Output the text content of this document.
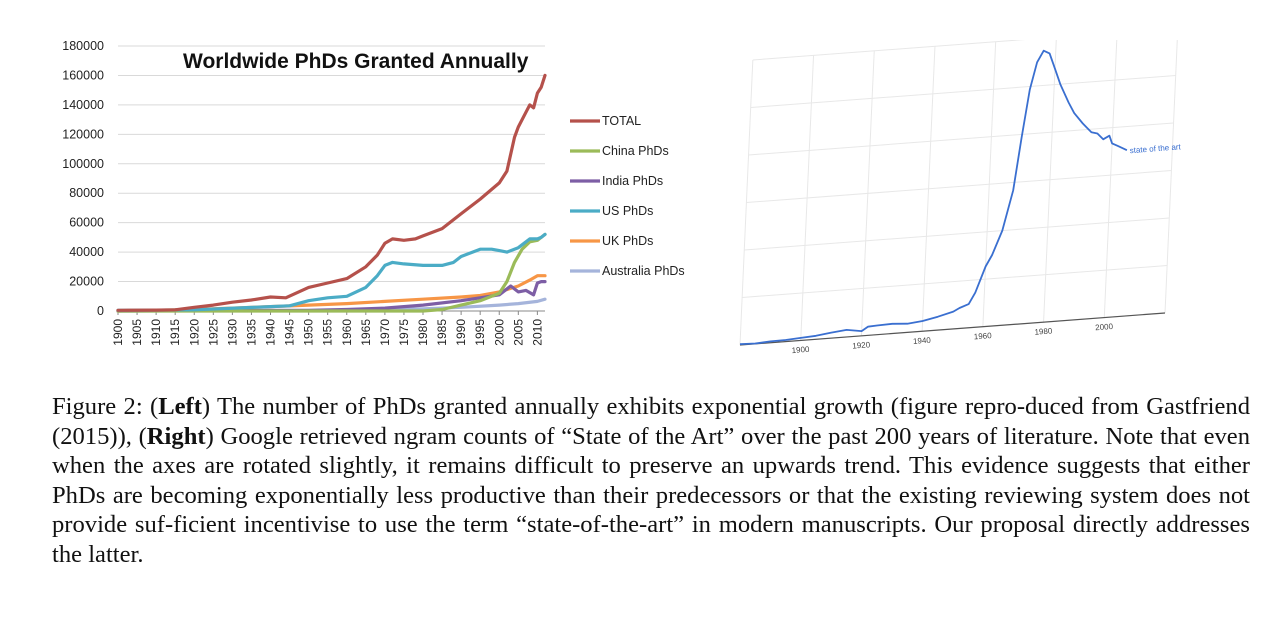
0
20000
40000
60000
80000
100000
120000
140000
160000
180000
1900 1905 1910 1915 1920 1925 1930 1935 1940 1945 1950 1955 1960 1965 1970 1975 1980 1985 1990 1995 2000 2005 2010
Worldwide PhDs Granted Annually
TOTAL
China PhDs
India PhDs
US PhDs
UK PhDs
Australia PhDs
1900	1920	1940	1960	1980	2000
state of the art

Figure 2: (Left) The number of PhDs granted annually exhibits exponential growth (figure repro-duced from Gastfriend (2015)), (Right) Google retrieved ngram counts of “State of the Art” over the past 200 years of literature. Note that even when the axes are rotated slightly, it remains difficult to preserve an upwards trend. This evidence suggests that either PhDs are becoming exponentially less productive than their predecessors or that the existing reviewing system does not provide suf-ficient incentivise to use the term “state-of-the-art” in modern manuscripts. Our proposal directly addresses the latter.
